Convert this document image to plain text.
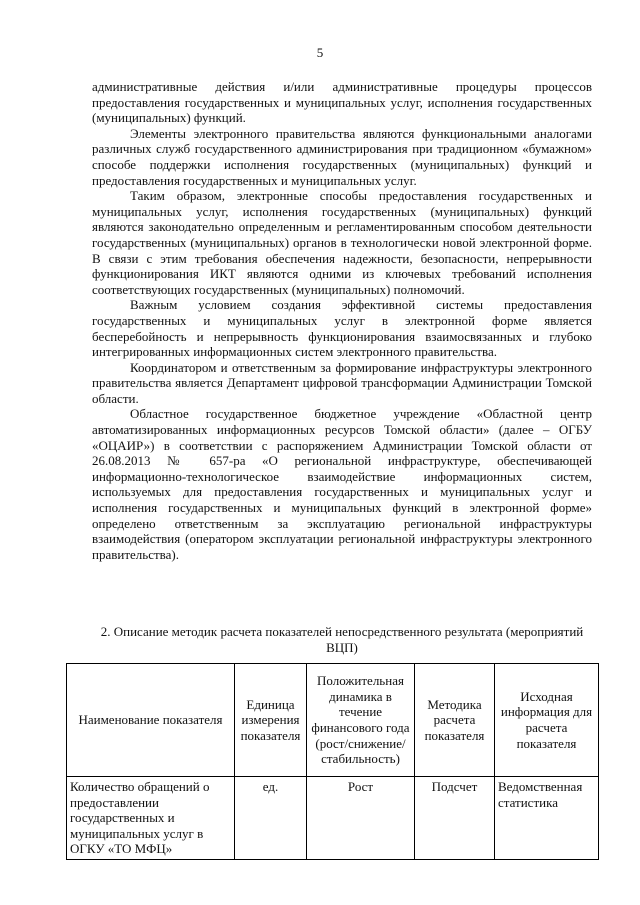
5

административные действия и/или административные процедуры процессов предоставления государственных и муниципальных услуг, исполнения государственных (муниципальных) функций.

Элементы электронного правительства являются функциональными аналогами различных служб государственного администрирования при традиционном «бумажном» способе поддержки исполнения государственных (муниципальных) функций и предоставления государственных и муниципальных услуг.

Таким образом, электронные способы предоставления государственных и муниципальных услуг, исполнения государственных (муниципальных) функций являются законодательно определенным и регламентированным способом деятельности государственных (муниципальных) органов в технологически новой электронной форме. В связи с этим требования обеспечения надежности, безопасности, непрерывности функционирования ИКТ являются одними из ключевых требований исполнения соответствующих государственных (муниципальных) полномочий.

Важным условием создания эффективной системы предоставления государственных и муниципальных услуг в электронной форме является бесперебойность и непрерывность функционирования взаимосвязанных и глубоко интегрированных информационных систем электронного правительства.

Координатором и ответственным за формирование инфраструктуры электронного правительства является Департамент цифровой трансформации Администрации Томской области.

Областное государственное бюджетное учреждение «Областной центр автоматизированных информационных ресурсов Томской области» (далее – ОГБУ «ОЦАИР») в соответствии с распоряжением Администрации Томской области от 26.08.2013 № 657-ра «О региональной инфраструктуре, обеспечивающей информационно-технологическое взаимодействие информационных систем, используемых для предоставления государственных и муниципальных услуг и исполнения государственных и муниципальных функций в электронной форме» определено ответственным за эксплуатацию региональной инфраструктуры взаимодействия (оператором эксплуатации региональной инфраструктуры электронного правительства).

2. Описание методик расчета показателей непосредственного результата (мероприятий ВЦП)

Наименование показателя	Единица измерения показателя	Положительная динамика в течение финансового года (рост/снижение/ стабильность)	Методика расчета показателя	Исходная информация для расчета показателя
Количество обращений о предоставлении государственных и муниципальных услуг в ОГКУ «ТО МФЦ»	ед.	Рост	Подсчет	Ведомственная статистика
